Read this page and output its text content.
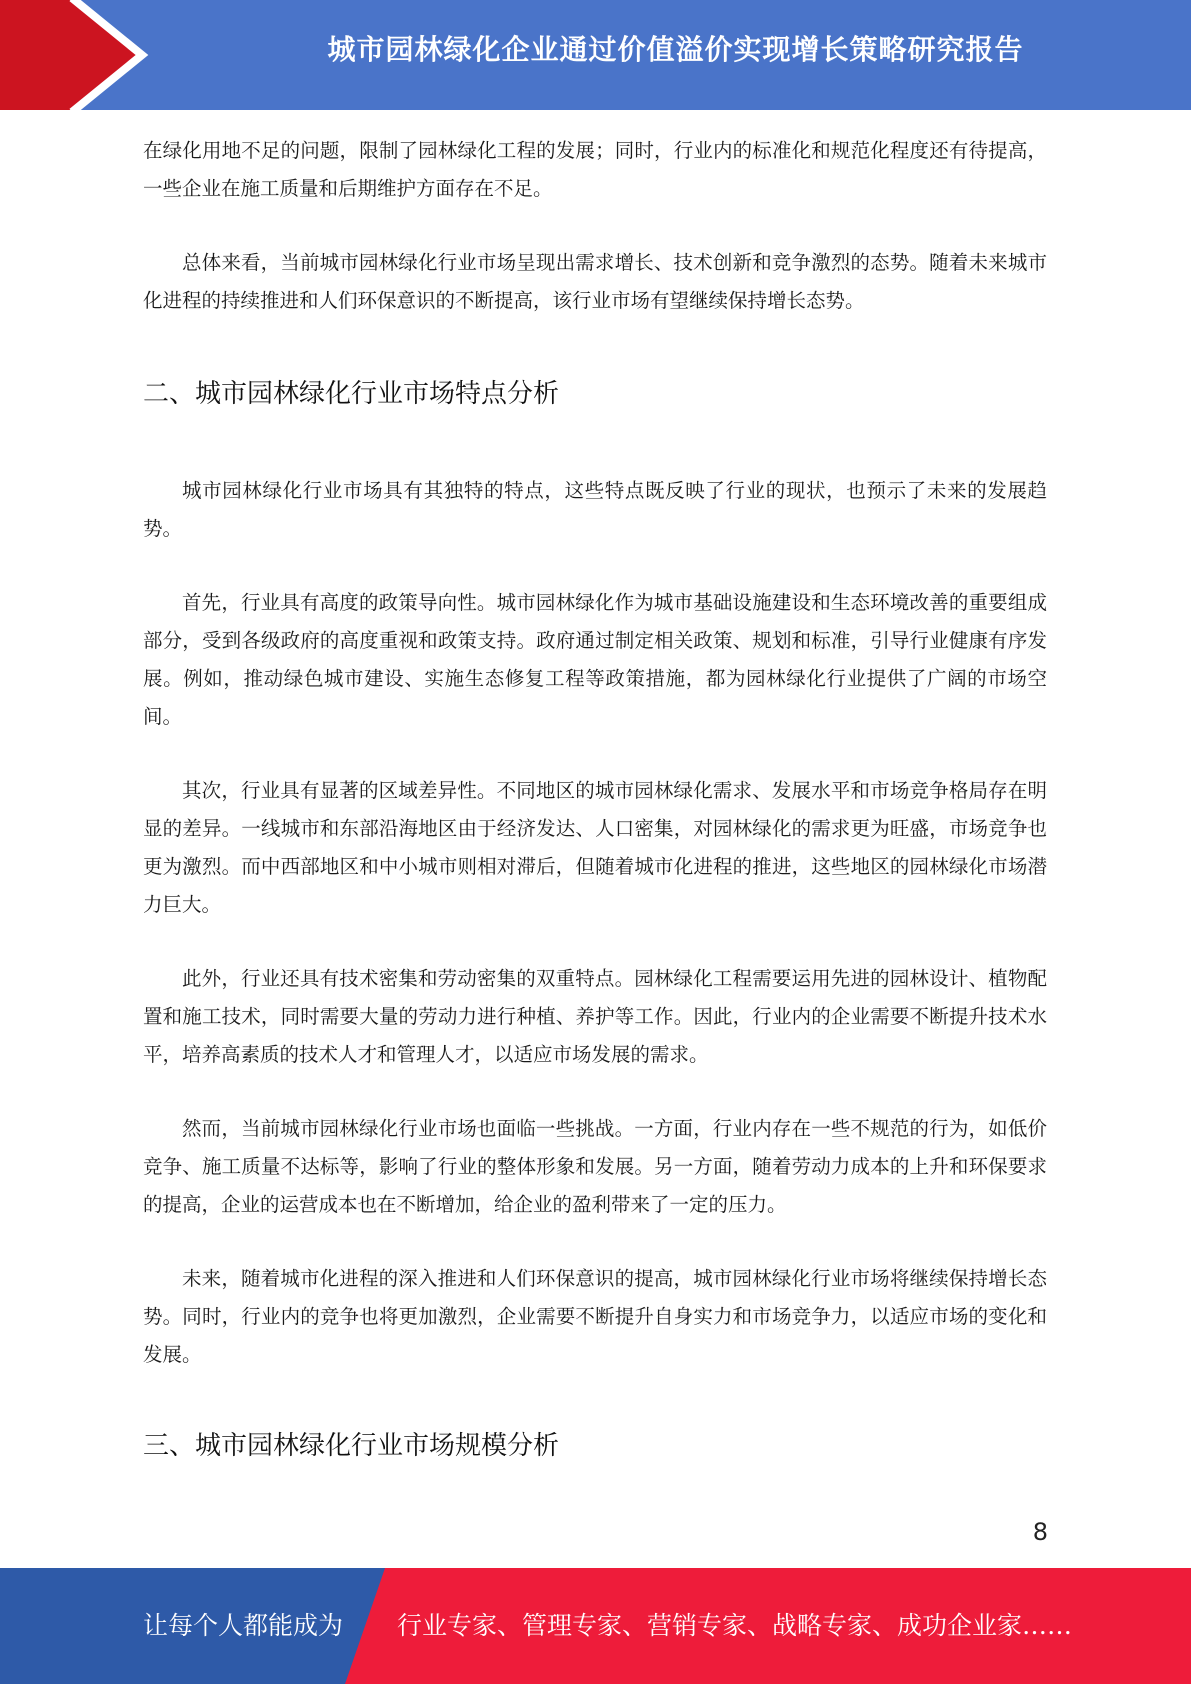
城市园林绿化企业通过价值溢价实现增长策略研究报告

在绿化用地不足的问题，限制了园林绿化工程的发展；同时，行业内的标准化和规范化程度还有待提高，一些企业在施工质量和后期维护方面存在不足。

总体来看，当前城市园林绿化行业市场呈现出需求增长、技术创新和竞争激烈的态势。随着未来城市化进程的持续推进和人们环保意识的不断提高，该行业市场有望继续保持增长态势。

二、城市园林绿化行业市场特点分析

城市园林绿化行业市场具有其独特的特点，这些特点既反映了行业的现状，也预示了未来的发展趋势。

首先，行业具有高度的政策导向性。城市园林绿化作为城市基础设施建设和生态环境改善的重要组成部分，受到各级政府的高度重视和政策支持。政府通过制定相关政策、规划和标准，引导行业健康有序发展。例如，推动绿色城市建设、实施生态修复工程等政策措施，都为园林绿化行业提供了广阔的市场空间。

其次，行业具有显著的区域差异性。不同地区的城市园林绿化需求、发展水平和市场竞争格局存在明显的差异。一线城市和东部沿海地区由于经济发达、人口密集，对园林绿化的需求更为旺盛，市场竞争也更为激烈。而中西部地区和中小城市则相对滞后，但随着城市化进程的推进，这些地区的园林绿化市场潜力巨大。

此外，行业还具有技术密集和劳动密集的双重特点。园林绿化工程需要运用先进的园林设计、植物配置和施工技术，同时需要大量的劳动力进行种植、养护等工作。因此，行业内的企业需要不断提升技术水平，培养高素质的技术人才和管理人才，以适应市场发展的需求。

然而，当前城市园林绿化行业市场也面临一些挑战。一方面，行业内存在一些不规范的行为，如低价竞争、施工质量不达标等，影响了行业的整体形象和发展。另一方面，随着劳动力成本的上升和环保要求的提高，企业的运营成本也在不断增加，给企业的盈利带来了一定的压力。

未来，随着城市化进程的深入推进和人们环保意识的提高，城市园林绿化行业市场将继续保持增长态势。同时，行业内的竞争也将更加激烈，企业需要不断提升自身实力和市场竞争力，以适应市场的变化和发展。

三、城市园林绿化行业市场规模分析
8
让每个人都能成为 行业专家、管理专家、营销专家、战略专家、成功企业家……
